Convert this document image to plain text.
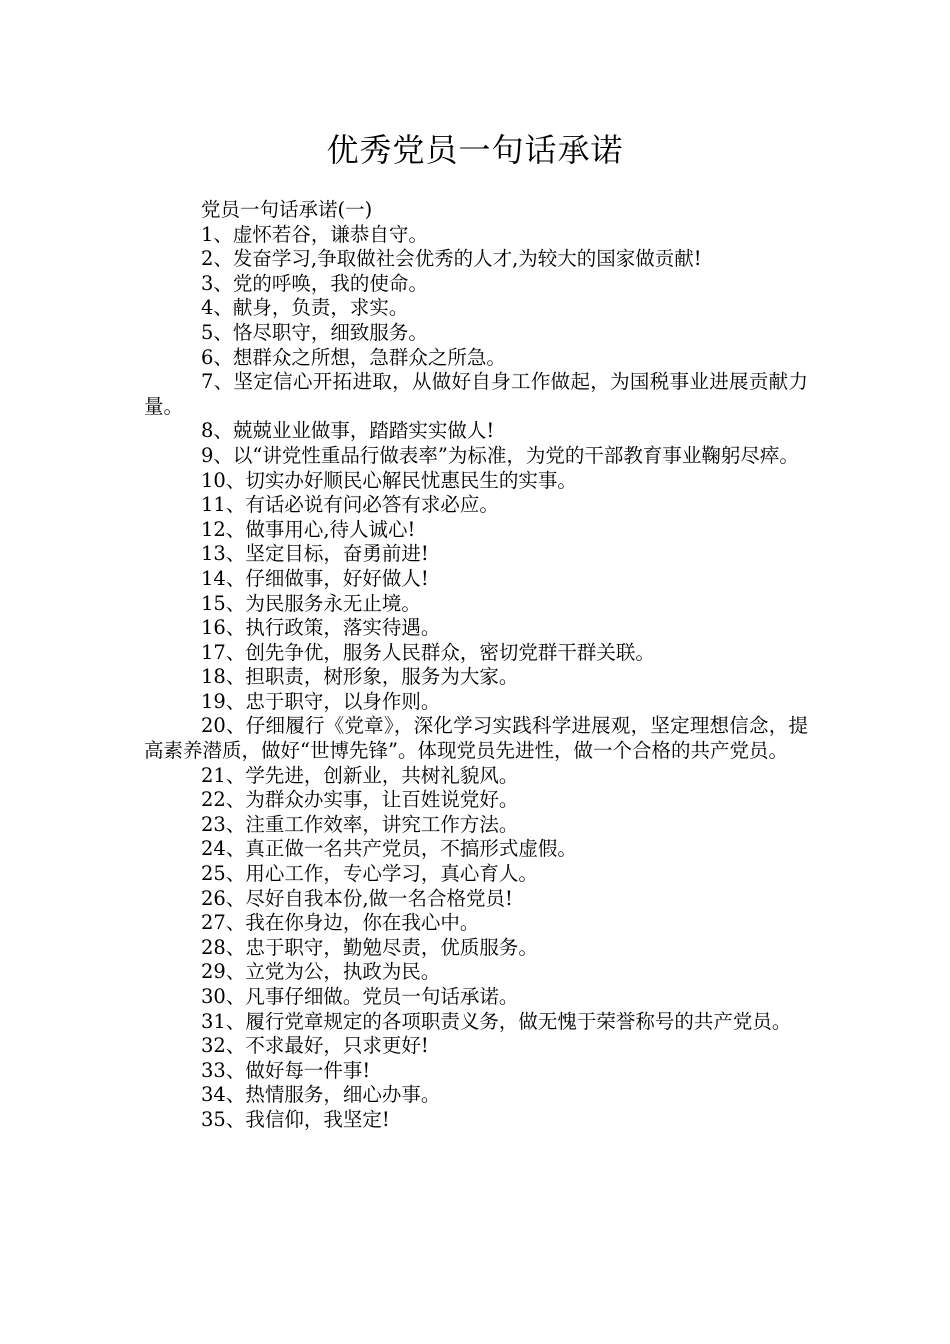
优秀党员一句话承诺

党员一句话承诺(一)

1、虚怀若谷，谦恭自守。

2、发奋学习,争取做社会优秀的人才,为较大的国家做贡献!

3、党的呼唤，我的使命。

4、献身，负责，求实。

5、恪尽职守，细致服务。

6、想群众之所想，急群众之所急。

7、坚定信心开拓进取，从做好自身工作做起，为国税事业进展贡献力量。

8、兢兢业业做事，踏踏实实做人!

9、以“讲党性重品行做表率”为标准，为党的干部教育事业鞠躬尽瘁。

10、切实办好顺民心解民忧惠民生的实事。

11、有话必说有问必答有求必应。

12、做事用心,待人诚心!

13、坚定目标，奋勇前进!

14、仔细做事，好好做人!

15、为民服务永无止境。

16、执行政策，落实待遇。

17、创先争优，服务人民群众，密切党群干群关联。

18、担职责，树形象，服务为大家。

19、忠于职守，以身作则。

20、仔细履行《党章》，深化学习实践科学进展观，坚定理想信念，提高素养潜质，做好“世博先锋”。体现党员先进性，做一个合格的共产党员。

21、学先进，创新业，共树礼貌风。

22、为群众办实事，让百姓说党好。

23、注重工作效率，讲究工作方法。

24、真正做一名共产党员，不搞形式虚假。

25、用心工作，专心学习，真心育人。

26、尽好自我本份,做一名合格党员!

27、我在你身边，你在我心中。

28、忠于职守，勤勉尽责，优质服务。

29、立党为公，执政为民。

30、凡事仔细做。党员一句话承诺。

31、履行党章规定的各项职责义务，做无愧于荣誉称号的共产党员。

32、不求最好，只求更好!

33、做好每一件事!

34、热情服务，细心办事。

35、我信仰，我坚定!
